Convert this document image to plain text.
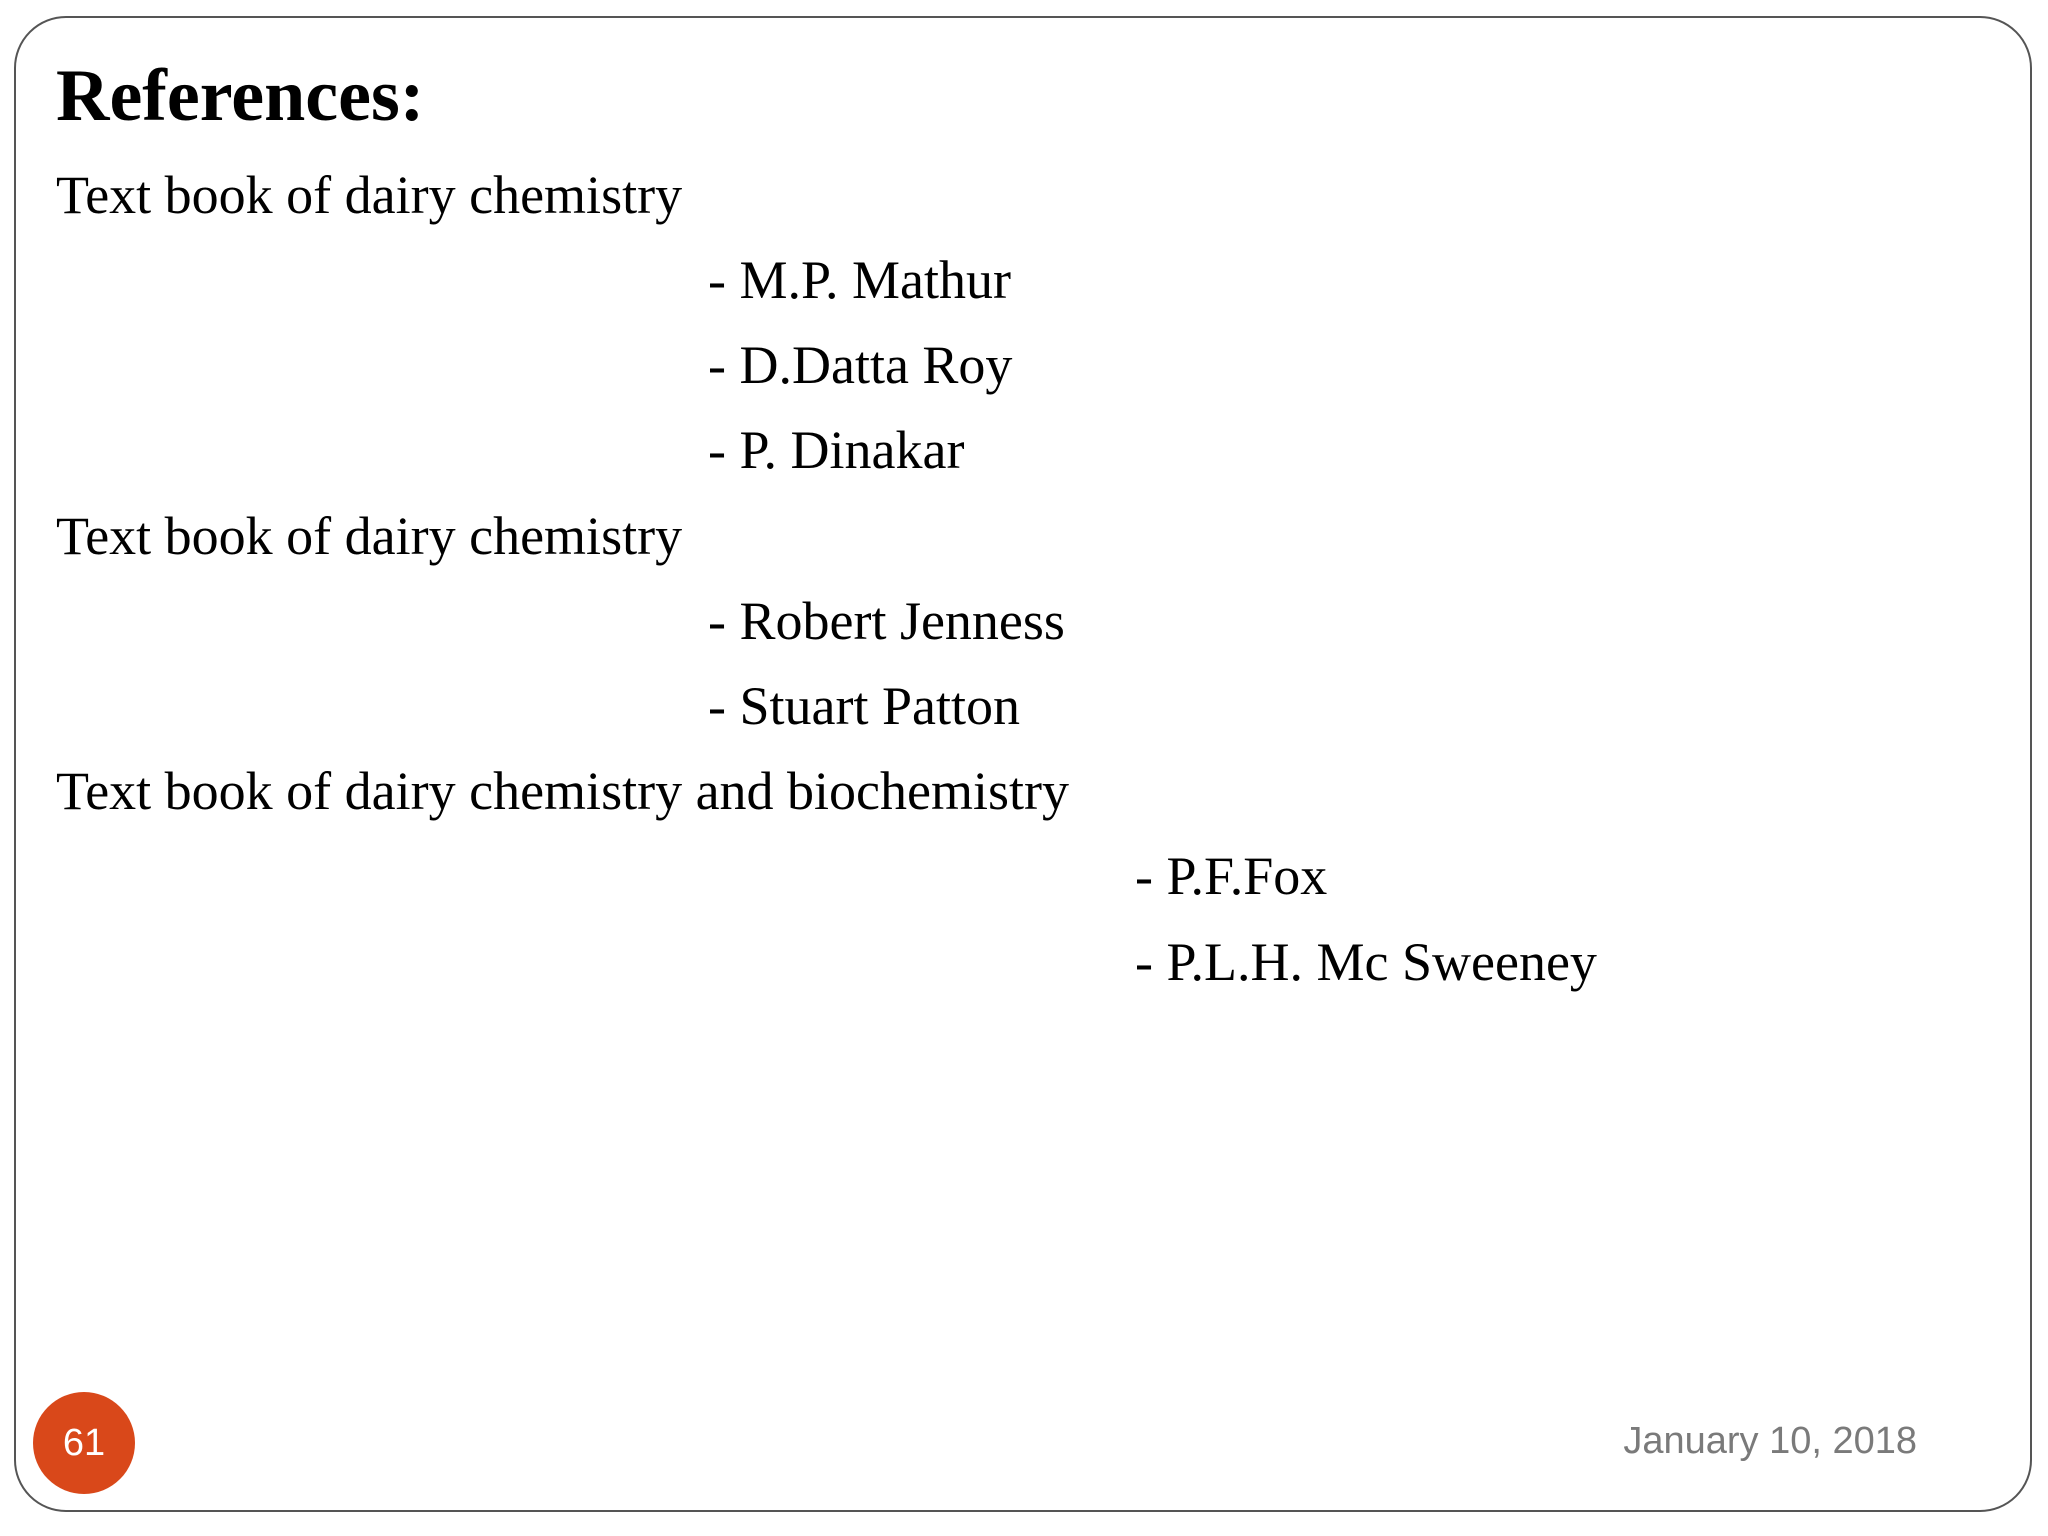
References:

Text book of dairy chemistry

- M.P. Mathur

- D.Datta Roy

- P. Dinakar

Text book of dairy chemistry

- Robert Jenness

- Stuart Patton

Text book of dairy chemistry and biochemistry

- P.F.Fox

- P.L.H. Mc Sweeney

61	January 10, 2018
